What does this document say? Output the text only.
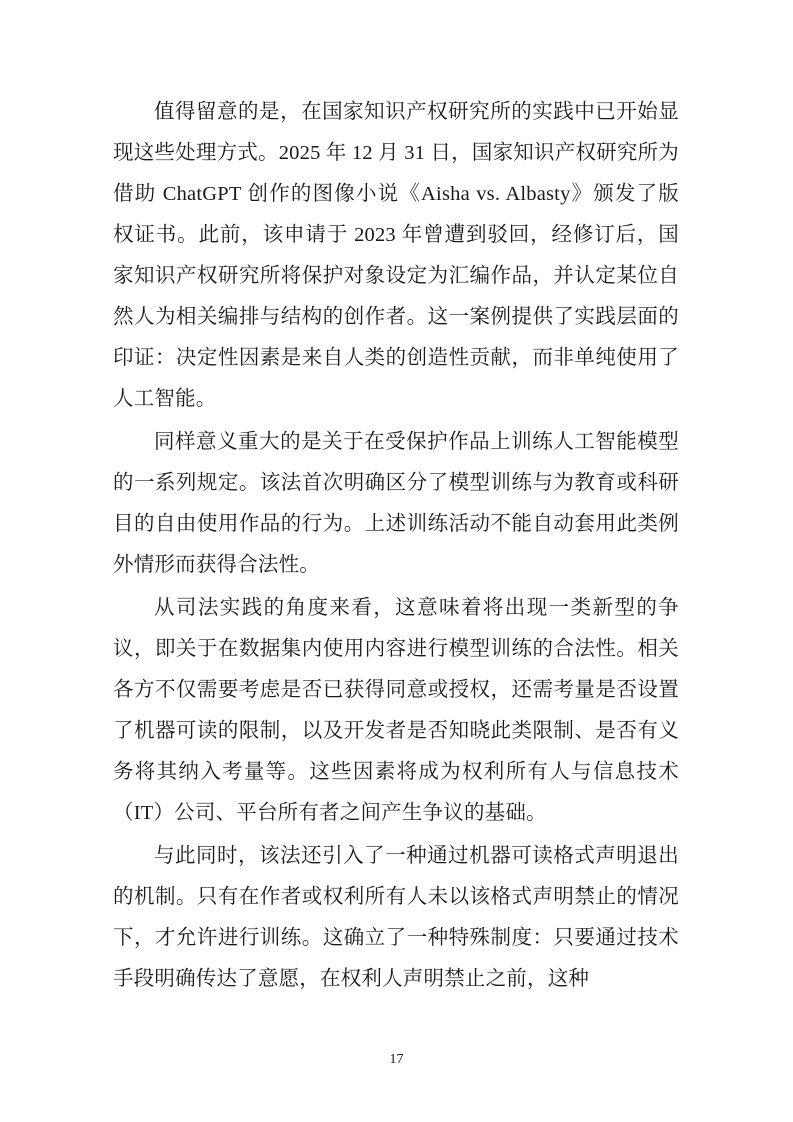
值得留意的是，在国家知识产权研究所的实践中已开始显现这些处理方式。2025 年 12 月 31 日，国家知识产权研究所为借助 ChatGPT 创作的图像小说《Aisha vs. Albasty》颁发了版权证书。此前，该申请于 2023 年曾遭到驳回，经修订后，国家知识产权研究所将保护对象设定为汇编作品，并认定某位自然人为相关编排与结构的创作者。这一案例提供了实践层面的印证：决定性因素是来自人类的创造性贡献，而非单纯使用了人工智能。

同样意义重大的是关于在受保护作品上训练人工智能模型的一系列规定。该法首次明确区分了模型训练与为教育或科研目的自由使用作品的行为。上述训练活动不能自动套用此类例外情形而获得合法性。

从司法实践的角度来看，这意味着将出现一类新型的争议，即关于在数据集内使用内容进行模型训练的合法性。相关各方不仅需要考虑是否已获得同意或授权，还需考量是否设置了机器可读的限制，以及开发者是否知晓此类限制、是否有义务将其纳入考量等。这些因素将成为权利所有人与信息技术（IT）公司、平台所有者之间产生争议的基础。

与此同时，该法还引入了一种通过机器可读格式声明退出的机制。只有在作者或权利所有人未以该格式声明禁止的情况下，才允许进行训练。这确立了一种特殊制度：只要通过技术手段明确传达了意愿，在权利人声明禁止之前，这种

17
